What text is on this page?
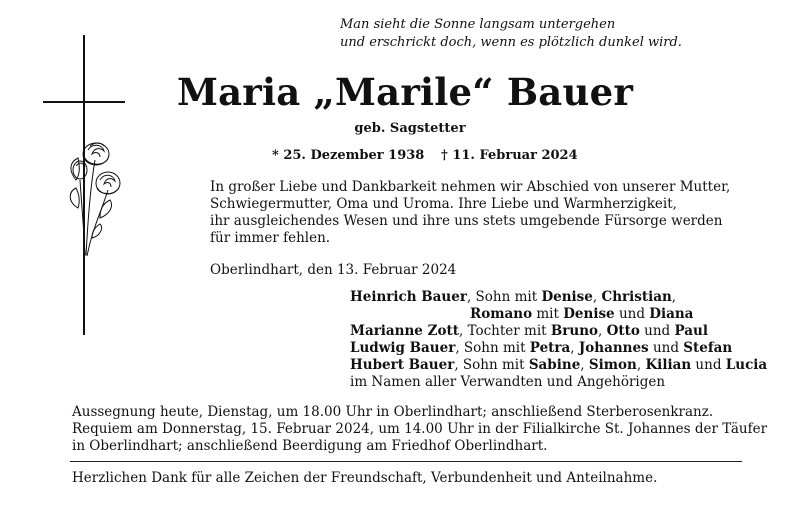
Man sieht die Sonne langsam untergehen
und erschrickt doch, wenn es plötzlich dunkel wird.
Maria „Marile“ Bauer
geb. Sagstetter
* 25. Dezember 1938 † 11. Februar 2024
In großer Liebe und Dankbarkeit nehmen wir Abschied von unserer Mutter,
Schwiegermutter, Oma und Uroma. Ihre Liebe und Warmherzigkeit,
ihr ausgleichendes Wesen und ihre uns stets umgebende Fürsorge werden
für immer fehlen.
Oberlindhart, den 13. Februar 2024
Heinrich Bauer, Sohn mit Denise, Christian,
Romano mit Denise und Diana
Marianne Zott, Tochter mit Bruno, Otto und Paul
Ludwig Bauer, Sohn mit Petra, Johannes und Stefan
Hubert Bauer, Sohn mit Sabine, Simon, Kilian und Lucia
im Namen aller Verwandten und Angehörigen
Aussegnung heute, Dienstag, um 18.00 Uhr in Oberlindhart; anschließend Sterberosenkranz.
Requiem am Donnerstag, 15. Februar 2024, um 14.00 Uhr in der Filialkirche St. Johannes der Täufer
in Oberlindhart; anschließend Beerdigung am Friedhof Oberlindhart.
Herzlichen Dank für alle Zeichen der Freundschaft, Verbundenheit und Anteilnahme.
